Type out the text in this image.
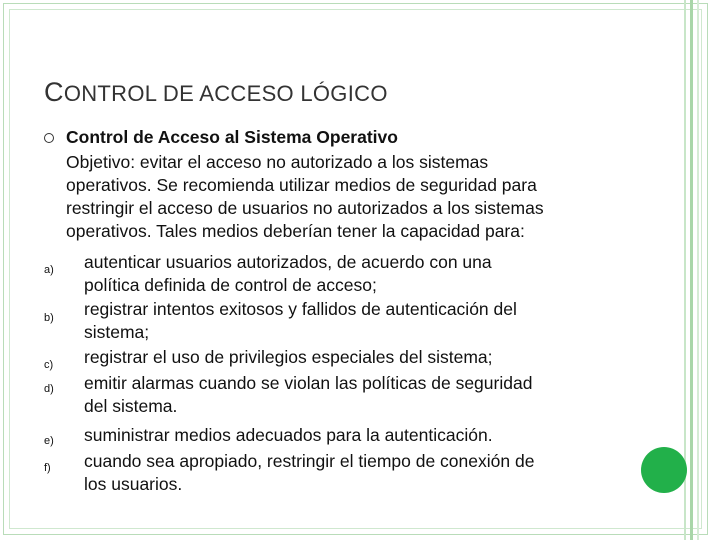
CONTROL DE ACCESO LÓGICO
Control de Acceso al Sistema Operativo
Objetivo: evitar el acceso no autorizado a los sistemas
operativos. Se recomienda utilizar medios de seguridad para
restringir el acceso de usuarios no autorizados a los sistemas
operativos. Tales medios deberían tener la capacidad para:
a) autenticar usuarios autorizados, de acuerdo con una
política definida de control de acceso;
b) registrar intentos exitosos y fallidos de autenticación del
sistema;
c) registrar el uso de privilegios especiales del sistema;
d) emitir alarmas cuando se violan las políticas de seguridad
del sistema.
e) suministrar medios adecuados para la autenticación.
f) cuando sea apropiado, restringir el tiempo de conexión de
los usuarios.
